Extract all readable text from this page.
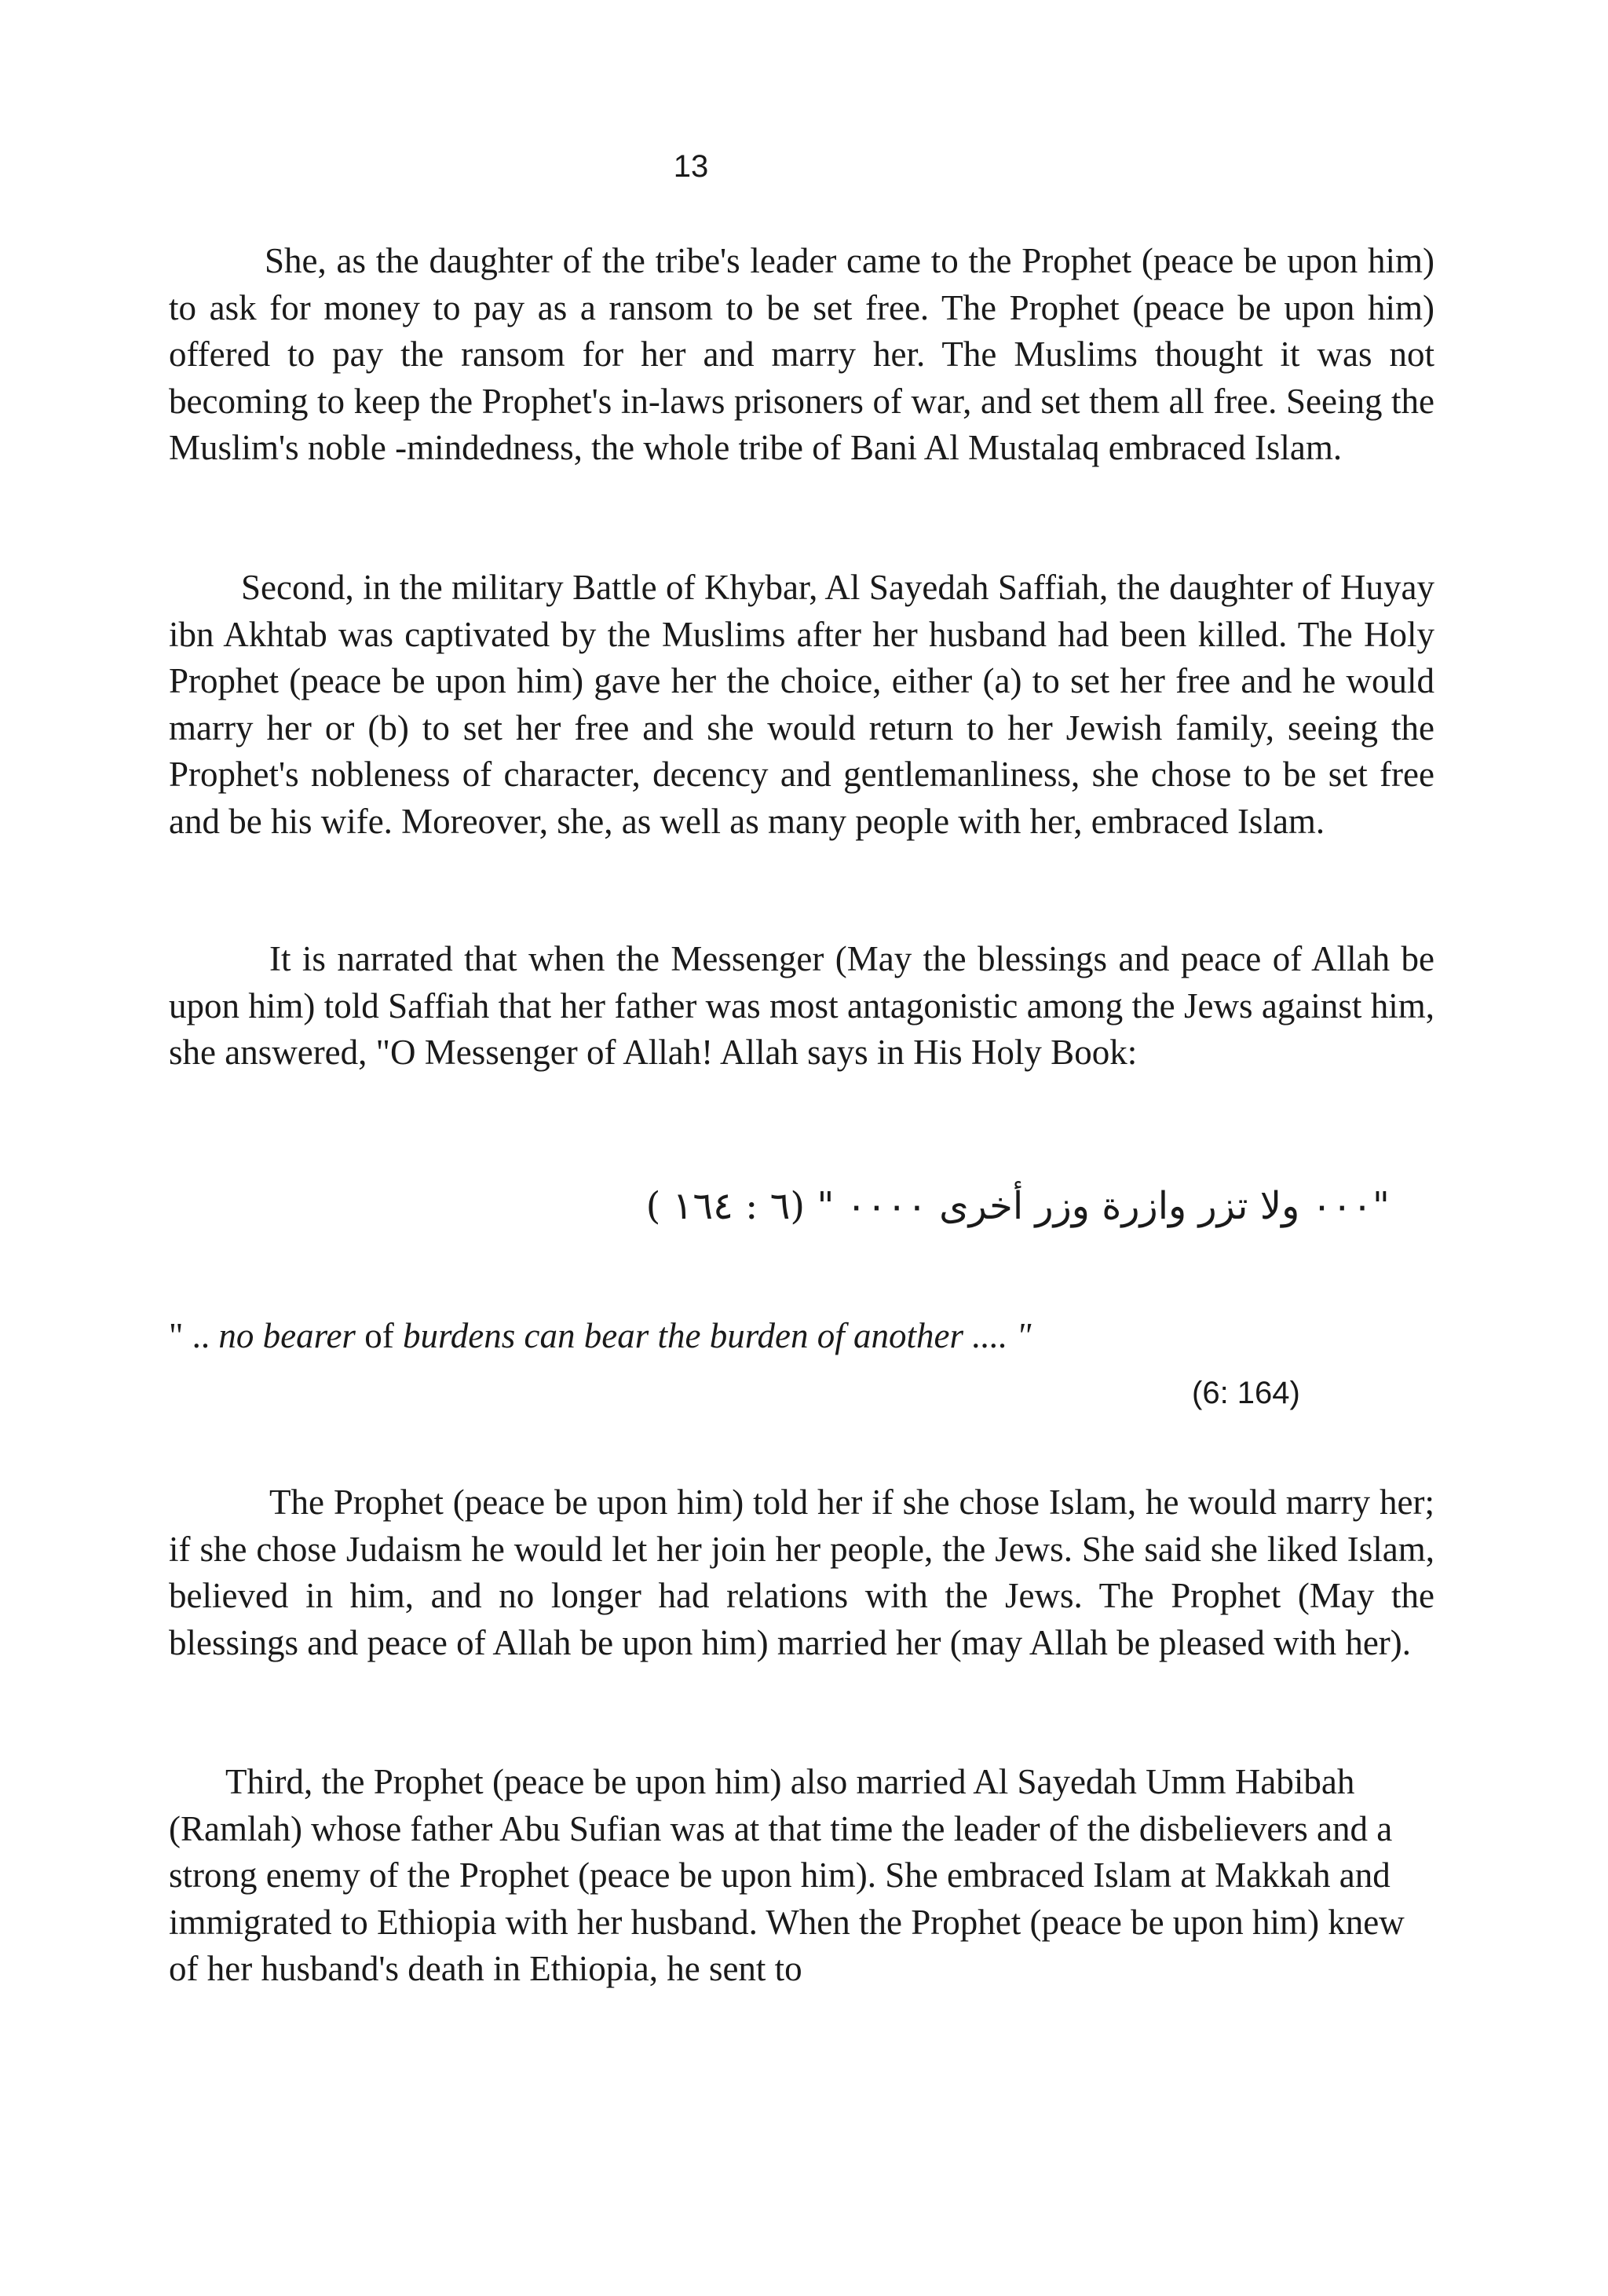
13

She, as the daughter of the tribe's leader came to the Prophet (peace be upon him) to ask for money to pay as a ransom to be set free. The Prophet (peace be upon him) offered to pay the ransom for her and marry her. The Muslims thought it was not becoming to keep the Prophet's in-laws prisoners of war, and set them all free. Seeing the Muslim's noble -mindedness, the whole tribe of Bani Al Mustalaq embraced Islam.

Second, in the military Battle of Khybar, Al Sayedah Saffiah, the daughter of Huyay ibn Akhtab was captivated by the Muslims after her husband had been killed. The Holy Prophet (peace be upon him) gave her the choice, either (a) to set her free and he would marry her or (b) to set her free and she would return to her Jewish family, seeing the Prophet's nobleness of character, decency and gentlemanliness, she chose to be set free and be his wife. Moreover, she, as well as many people with her, embraced Islam.

It is narrated that when the Messenger (May the blessings and peace of Allah be upon him) told Saffiah that her father was most antagonistic among the Jews against him, she answered, "O Messenger of Allah! Allah says in His Holy Book:

"٠٠٠ ولا تزر وازرة وزر أخرى ٠٠٠٠ " (٦ : ١٦٤ )
" .. no bearer of burdens can bear the burden of another .... "
(6: 164)

The Prophet (peace be upon him) told her if she chose Islam, he would marry her; if she chose Judaism he would let her join her people, the Jews. She said she liked Islam, believed in him, and no longer had relations with the Jews. The Prophet (May the blessings and peace of Allah be upon him) married her (may Allah be pleased with her).

Third, the Prophet (peace be upon him) also married Al Sayedah Umm Habibah (Ramlah) whose father Abu Sufian was at that time the leader of the disbelievers and a strong enemy of the Prophet (peace be upon him). She embraced Islam at Makkah and immigrated to Ethiopia with her husband. When the Prophet (peace be upon him) knew of her husband's death in Ethiopia, he sent to
